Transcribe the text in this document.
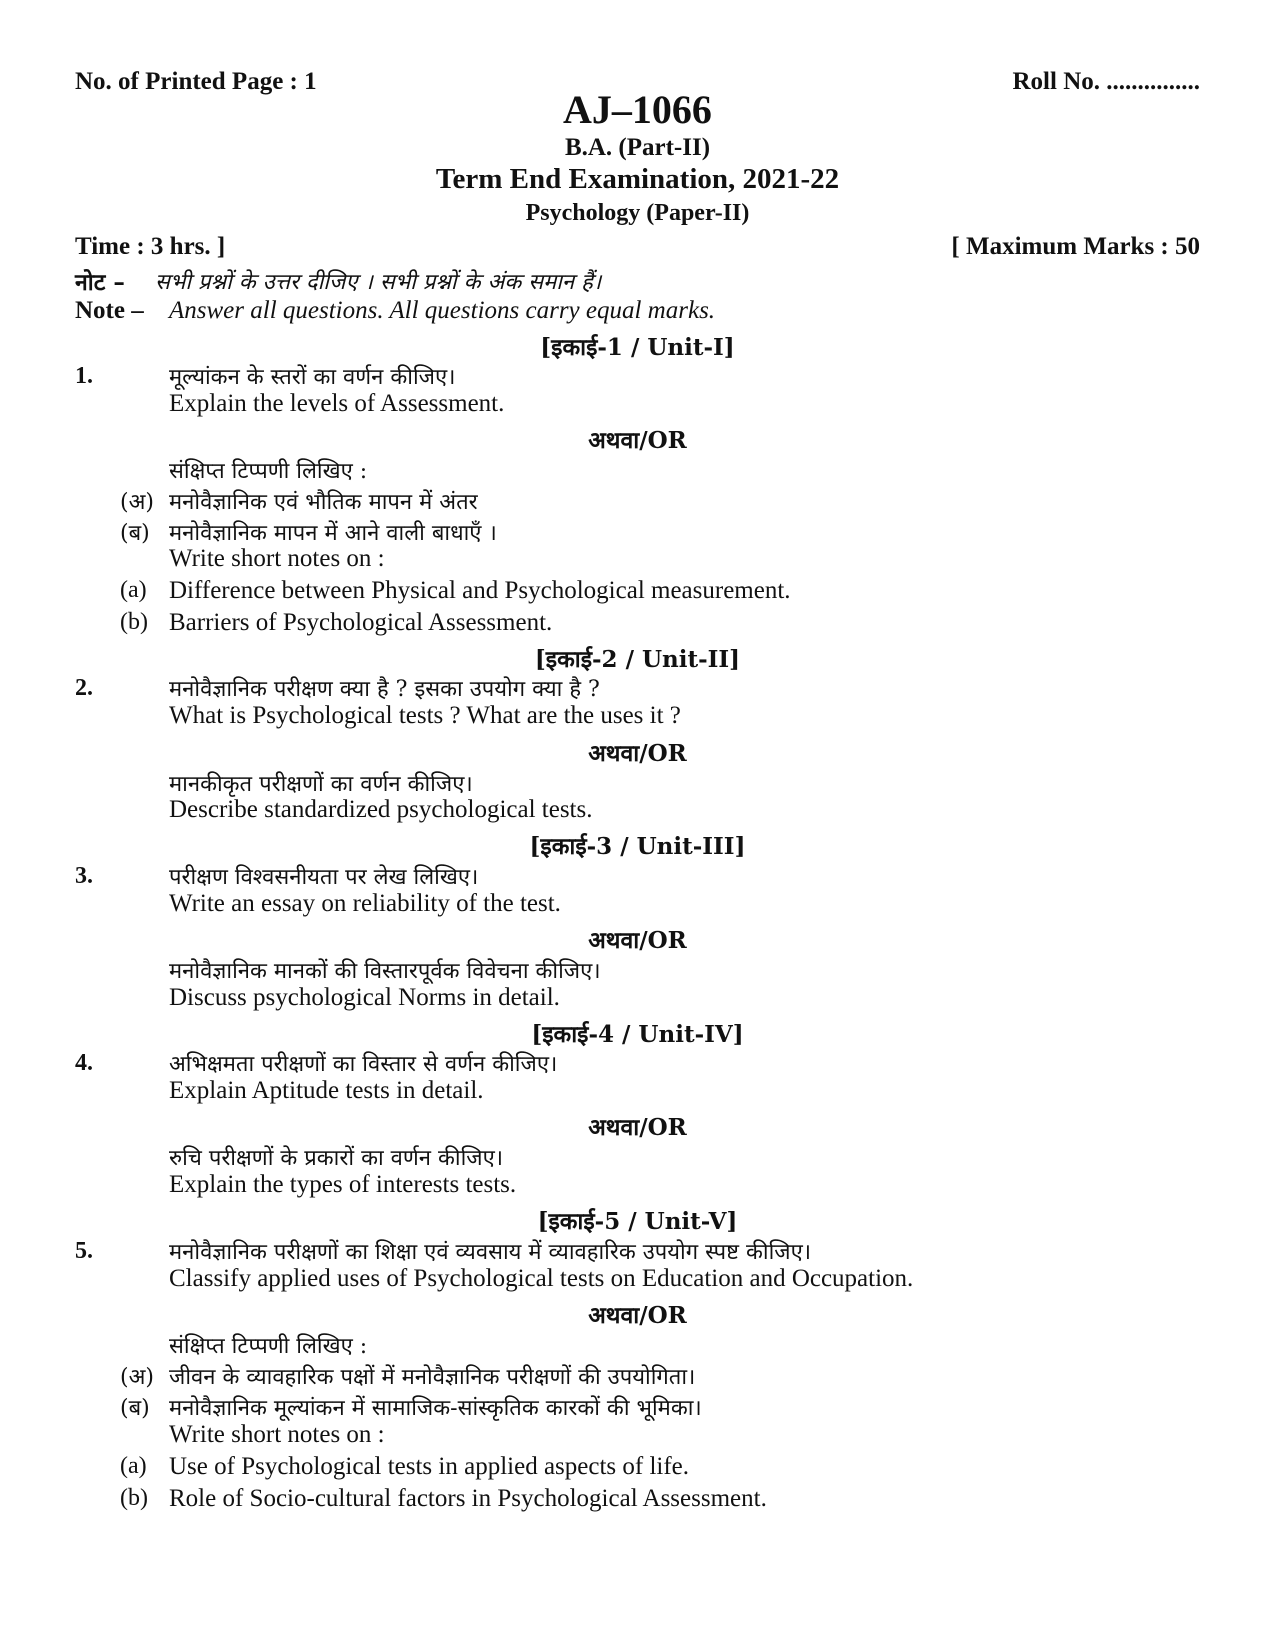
No. of Printed Page : 1	Roll No. ...............
AJ–1066
B.A. (Part-II)
Term End Examination, 2021-22
Psychology (Paper-II)
Time : 3 hrs. ]	[ Maximum Marks : 50
नोट – सभी प्रश्नों के उत्तर दीजिए । सभी प्रश्नों के अंक समान हैं।
Note – Answer all questions. All questions carry equal marks.
[इकाई-1 / Unit-I]
1.	मूल्यांकन के स्तरों का वर्णन कीजिए।
Explain the levels of Assessment.
अथवा/OR
संक्षिप्त टिप्पणी लिखिए :
(अ) मनोवैज्ञानिक एवं भौतिक मापन में अंतर
(ब) मनोवैज्ञानिक मापन में आने वाली बाधाएँ ।
Write short notes on :
(a) Difference between Physical and Psychological measurement.
(b) Barriers of Psychological Assessment.
[इकाई-2 / Unit-II]
2.	मनोवैज्ञानिक परीक्षण क्या है ? इसका उपयोग क्या है ?
What is Psychological tests ? What are the uses it ?
अथवा/OR
मानकीकृत परीक्षणों का वर्णन कीजिए।
Describe standardized psychological tests.
[इकाई-3 / Unit-III]
3.	परीक्षण विश्वसनीयता पर लेख लिखिए।
Write an essay on reliability of the test.
अथवा/OR
मनोवैज्ञानिक मानकों की विस्तारपूर्वक विवेचना कीजिए।
Discuss psychological Norms in detail.
[इकाई-4 / Unit-IV]
4.	अभिक्षमता परीक्षणों का विस्तार से वर्णन कीजिए।
Explain Aptitude tests in detail.
अथवा/OR
रुचि परीक्षणों के प्रकारों का वर्णन कीजिए।
Explain the types of interests tests.
[इकाई-5 / Unit-V]
5.	मनोवैज्ञानिक परीक्षणों का शिक्षा एवं व्यवसाय में व्यावहारिक उपयोग स्पष्ट कीजिए।
Classify applied uses of Psychological tests on Education and Occupation.
अथवा/OR
संक्षिप्त टिप्पणी लिखिए :
(अ) जीवन के व्यावहारिक पक्षों में मनोवैज्ञानिक परीक्षणों की उपयोगिता।
(ब) मनोवैज्ञानिक मूल्यांकन में सामाजिक-सांस्कृतिक कारकों की भूमिका।
Write short notes on :
(a) Use of Psychological tests in applied aspects of life.
(b) Role of Socio-cultural factors in Psychological Assessment.
